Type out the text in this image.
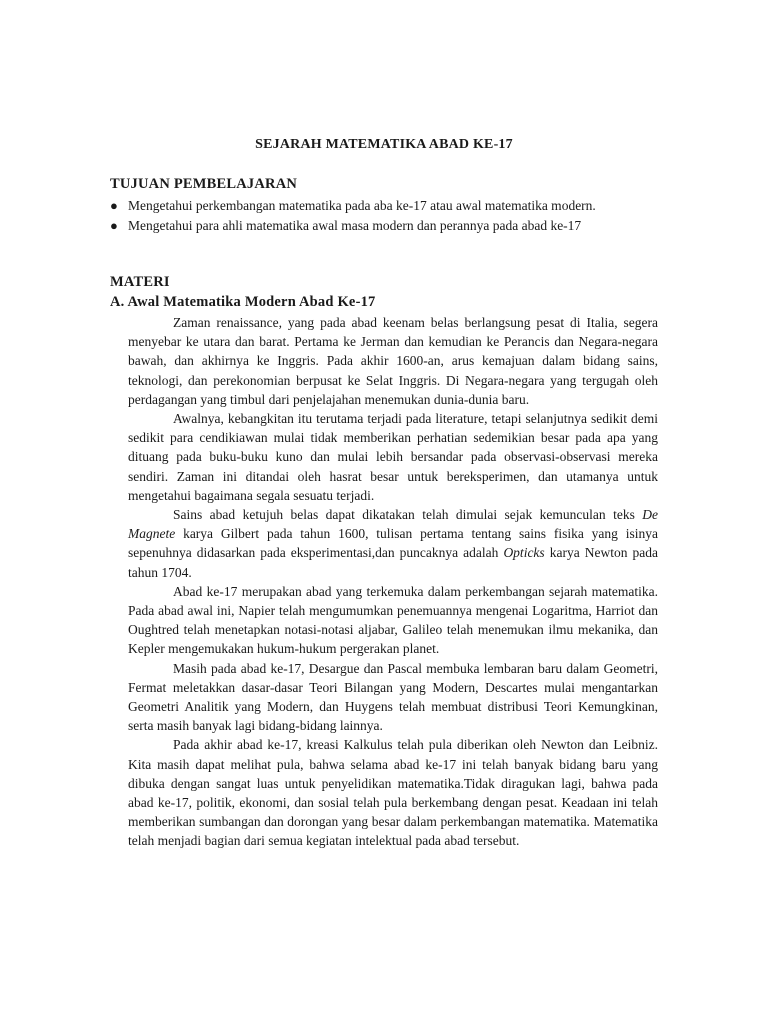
SEJARAH MATEMATIKA ABAD KE-17
TUJUAN PEMBELAJARAN
● Mengetahui perkembangan matematika pada aba ke-17 atau awal matematika modern.
● Mengetahui para ahli matematika awal masa modern dan perannya pada abad ke-17
MATERI
A. Awal Matematika Modern Abad Ke-17

Zaman renaissance, yang pada abad keenam belas berlangsung pesat di Italia, segera menyebar ke utara dan barat. Pertama ke Jerman dan kemudian ke Perancis dan Negara-negara bawah, dan akhirnya ke Inggris. Pada akhir 1600-an, arus kemajuan dalam bidang sains, teknologi, dan perekonomian berpusat ke Selat Inggris. Di Negara-negara yang tergugah oleh perdagangan yang timbul dari penjelajahan menemukan dunia-dunia baru.

Awalnya, kebangkitan itu terutama terjadi pada literature, tetapi selanjutnya sedikit demi sedikit para cendikiawan mulai tidak memberikan perhatian sedemikian besar pada apa yang dituang pada buku-buku kuno dan mulai lebih bersandar pada observasi-observasi mereka sendiri. Zaman ini ditandai oleh hasrat besar untuk bereksperimen, dan utamanya untuk mengetahui bagaimana segala sesuatu terjadi.

Sains abad ketujuh belas dapat dikatakan telah dimulai sejak kemunculan teks De Magnete karya Gilbert pada tahun 1600, tulisan pertama tentang sains fisika yang isinya sepenuhnya didasarkan pada eksperimentasi,dan puncaknya adalah Opticks karya Newton pada tahun 1704.

Abad ke-17 merupakan abad yang terkemuka dalam perkembangan sejarah matematika. Pada abad awal ini, Napier telah mengumumkan penemuannya mengenai Logaritma, Harriot dan Oughtred telah menetapkan notasi-notasi aljabar, Galileo telah menemukan ilmu mekanika, dan Kepler mengemukakan hukum-hukum pergerakan planet.

Masih pada abad ke-17, Desargue dan Pascal membuka lembaran baru dalam Geometri, Fermat meletakkan dasar-dasar Teori Bilangan yang Modern, Descartes mulai mengantarkan Geometri Analitik yang Modern, dan Huygens telah membuat distribusi Teori Kemungkinan, serta masih banyak lagi bidang-bidang lainnya.

Pada akhir abad ke-17, kreasi Kalkulus telah pula diberikan oleh Newton dan Leibniz. Kita masih dapat melihat pula, bahwa selama abad ke-17 ini telah banyak bidang baru yang dibuka dengan sangat luas untuk penyelidikan matematika.Tidak diragukan lagi, bahwa pada abad ke-17, politik, ekonomi, dan sosial telah pula berkembang dengan pesat. Keadaan ini telah memberikan sumbangan dan dorongan yang besar dalam perkembangan matematika. Matematika telah menjadi bagian dari semua kegiatan intelektual pada abad tersebut.
